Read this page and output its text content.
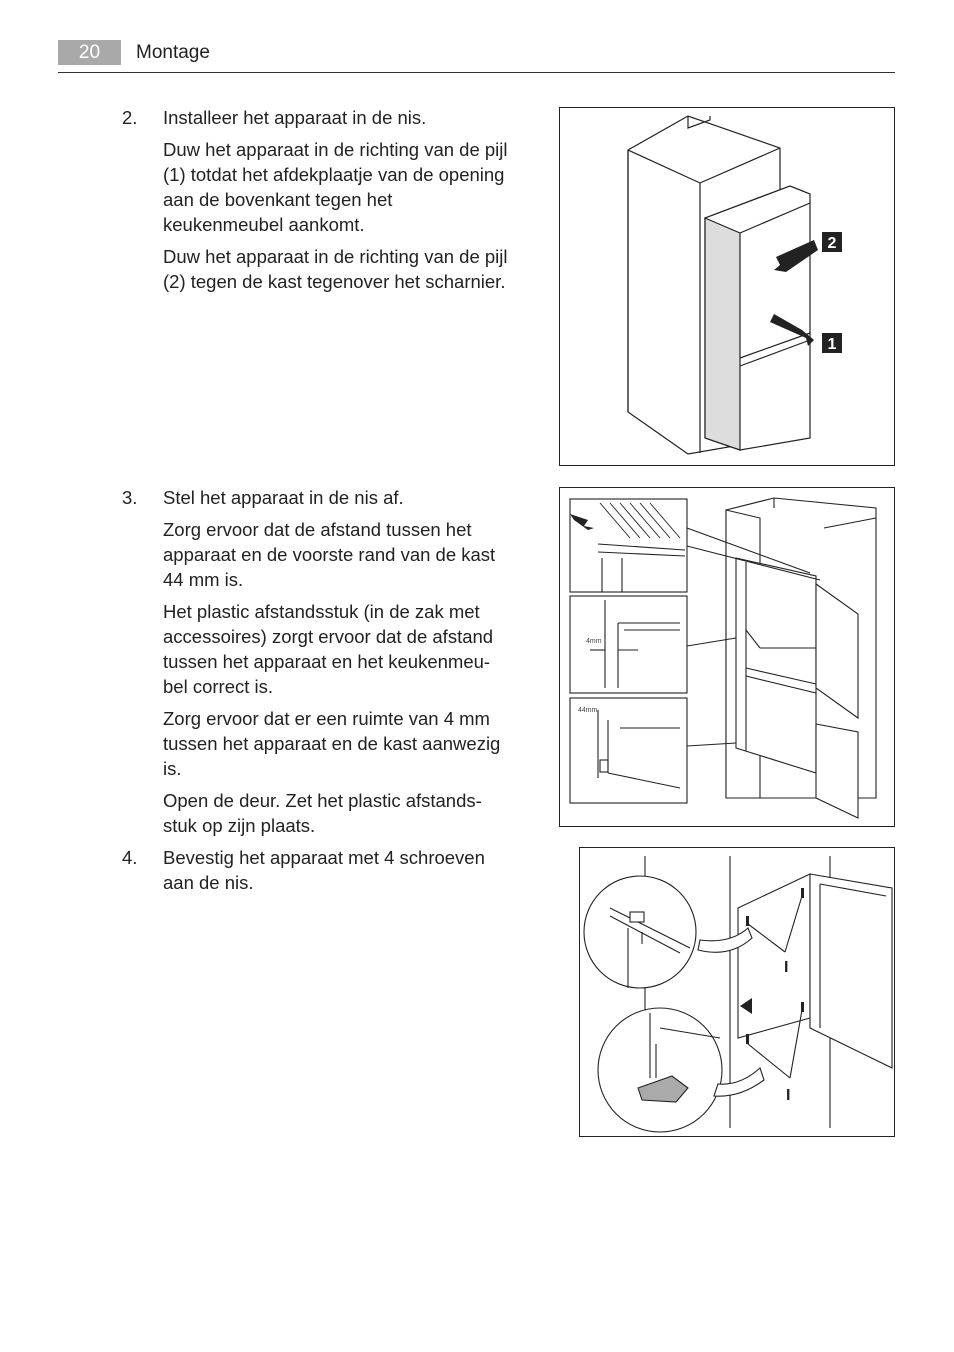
20	Montage
2. Installeer het apparaat in de nis.

Duw het apparaat in de richting van de pijl (1) totdat het afdekplaatje van de opening aan de bovenkant tegen het keukenmeubel aankomt.

Duw het apparaat in de richting van de pijl (2) tegen de kast tegenover het scharnier.

3. Stel het apparaat in de nis af.

Zorg ervoor dat de afstand tussen het apparaat en de voorste rand van de kast 44 mm is.

Het plastic afstandsstuk (in de zak met accessoires) zorgt ervoor dat de afstand tussen het apparaat en het keukenmeu-bel correct is.

Zorg ervoor dat er een ruimte van 4 mm tussen het apparaat en de kast aanwezig is.

Open de deur. Zet het plastic afstands-stuk op zijn plaats.

4. Bevestig het apparaat met 4 schroeven aan de nis.

2
1
4mm
44mm
I
I
